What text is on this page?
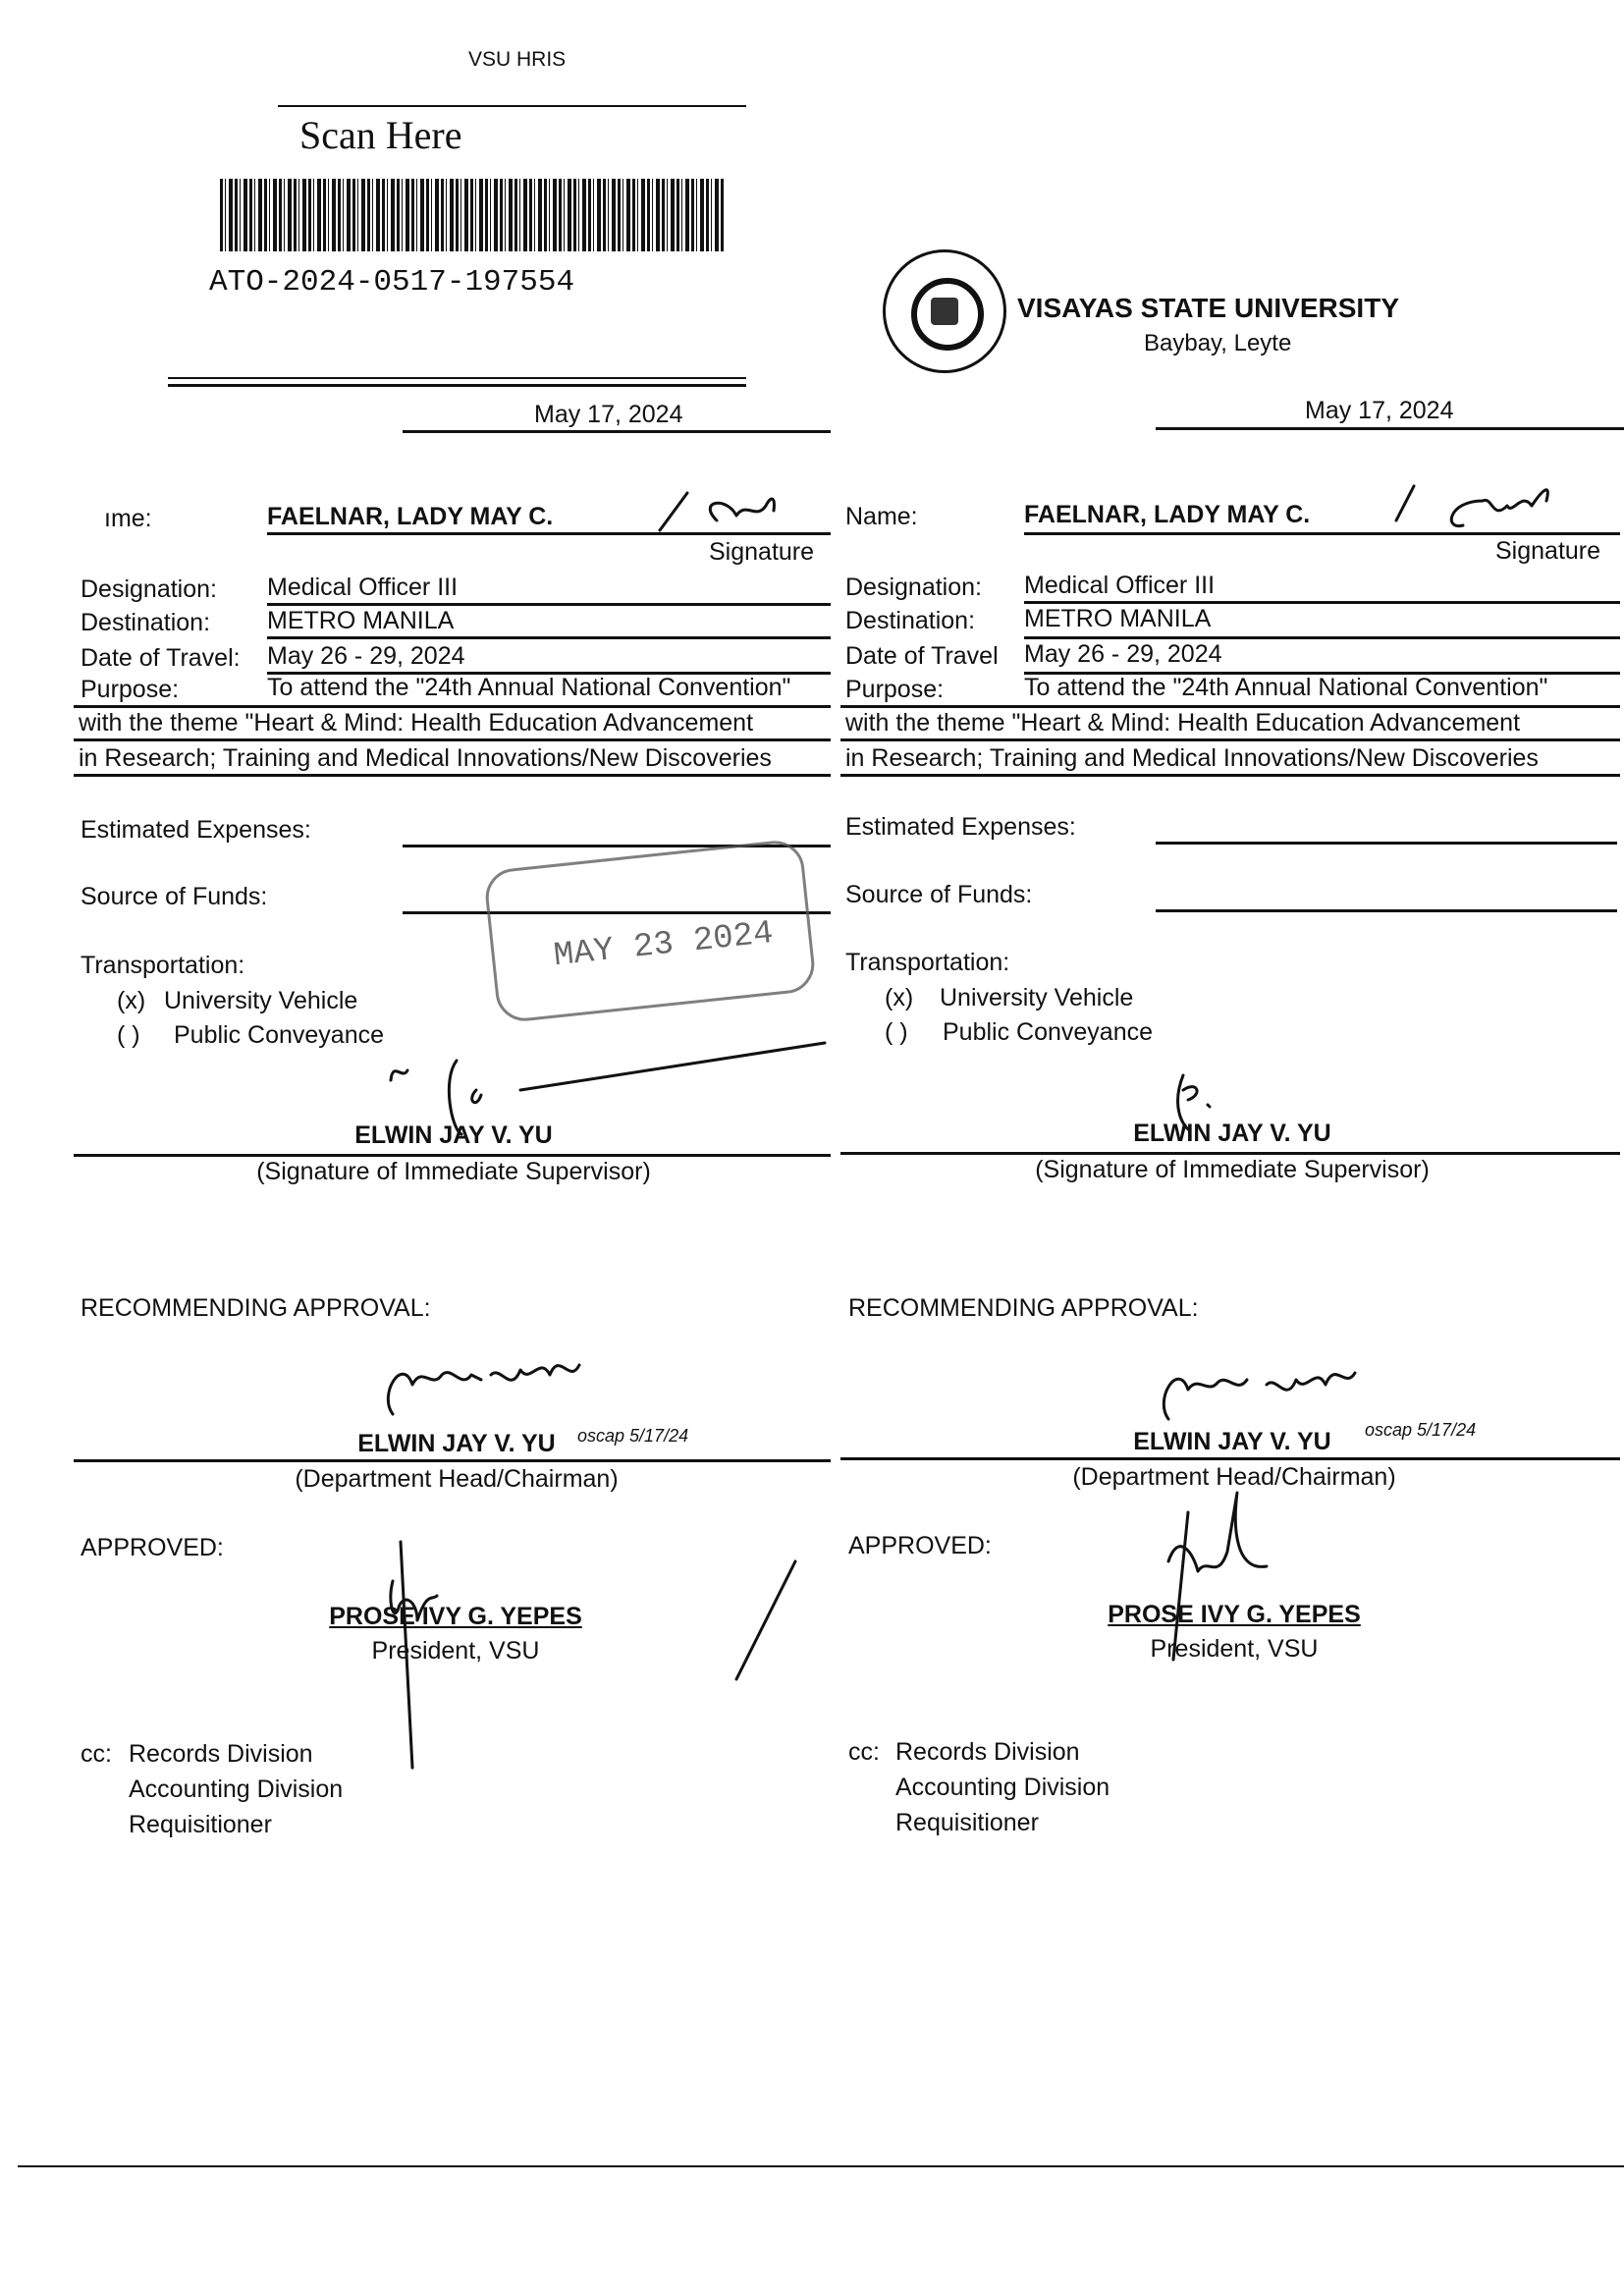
VSU HRIS
Scan Here
ATO-2024-0517-197554
VISAYAS STATE UNIVERSITY
Baybay, Leyte
May 17, 2024	May 17, 2024
ıme:	FAELNAR, LADY MAY C.
Signature
Designation: Medical Officer III
Destination: METRO MANILA
Date of Travel: May 26 - 29, 2024
Purpose:	To attend the "24th Annual National Convention"
with the theme "Heart & Mind: Health Education Advancement
in Research; Training and Medical Innovations/New Discoveries
Estimated Expenses:
Source of Funds:
Transportation:
(x) University Vehicle
( ) Public Conveyance
MAY 23 2024
ELWIN JAY V. YU
(Signature of Immediate Supervisor)
RECOMMENDING APPROVAL:
ELWIN JAY V. YU oscap 5/17/24
(Department Head/Chairman)
APPROVED:
PROSE IVY G. YEPES
President, VSU
cc: Records Division
Accounting Division
Requisitioner
Name:	FAELNAR, LADY MAY C.
Signature
Designation: Medical Officer III
Destination: METRO MANILA
Date of Travel May 26 - 29, 2024
Purpose:	To attend the "24th Annual National Convention"
with the theme "Heart & Mind: Health Education Advancement
in Research; Training and Medical Innovations/New Discoveries
Estimated Expenses:
Source of Funds:
Transportation:
(x) University Vehicle
( ) Public Conveyance
ELWIN JAY V. YU
(Signature of Immediate Supervisor)
RECOMMENDING APPROVAL:
ELWIN JAY V. YU oscap 5/17/24
(Department Head/Chairman)
APPROVED:
PROSE IVY G. YEPES
President, VSU
cc: Records Division
Accounting Division
Requisitioner
